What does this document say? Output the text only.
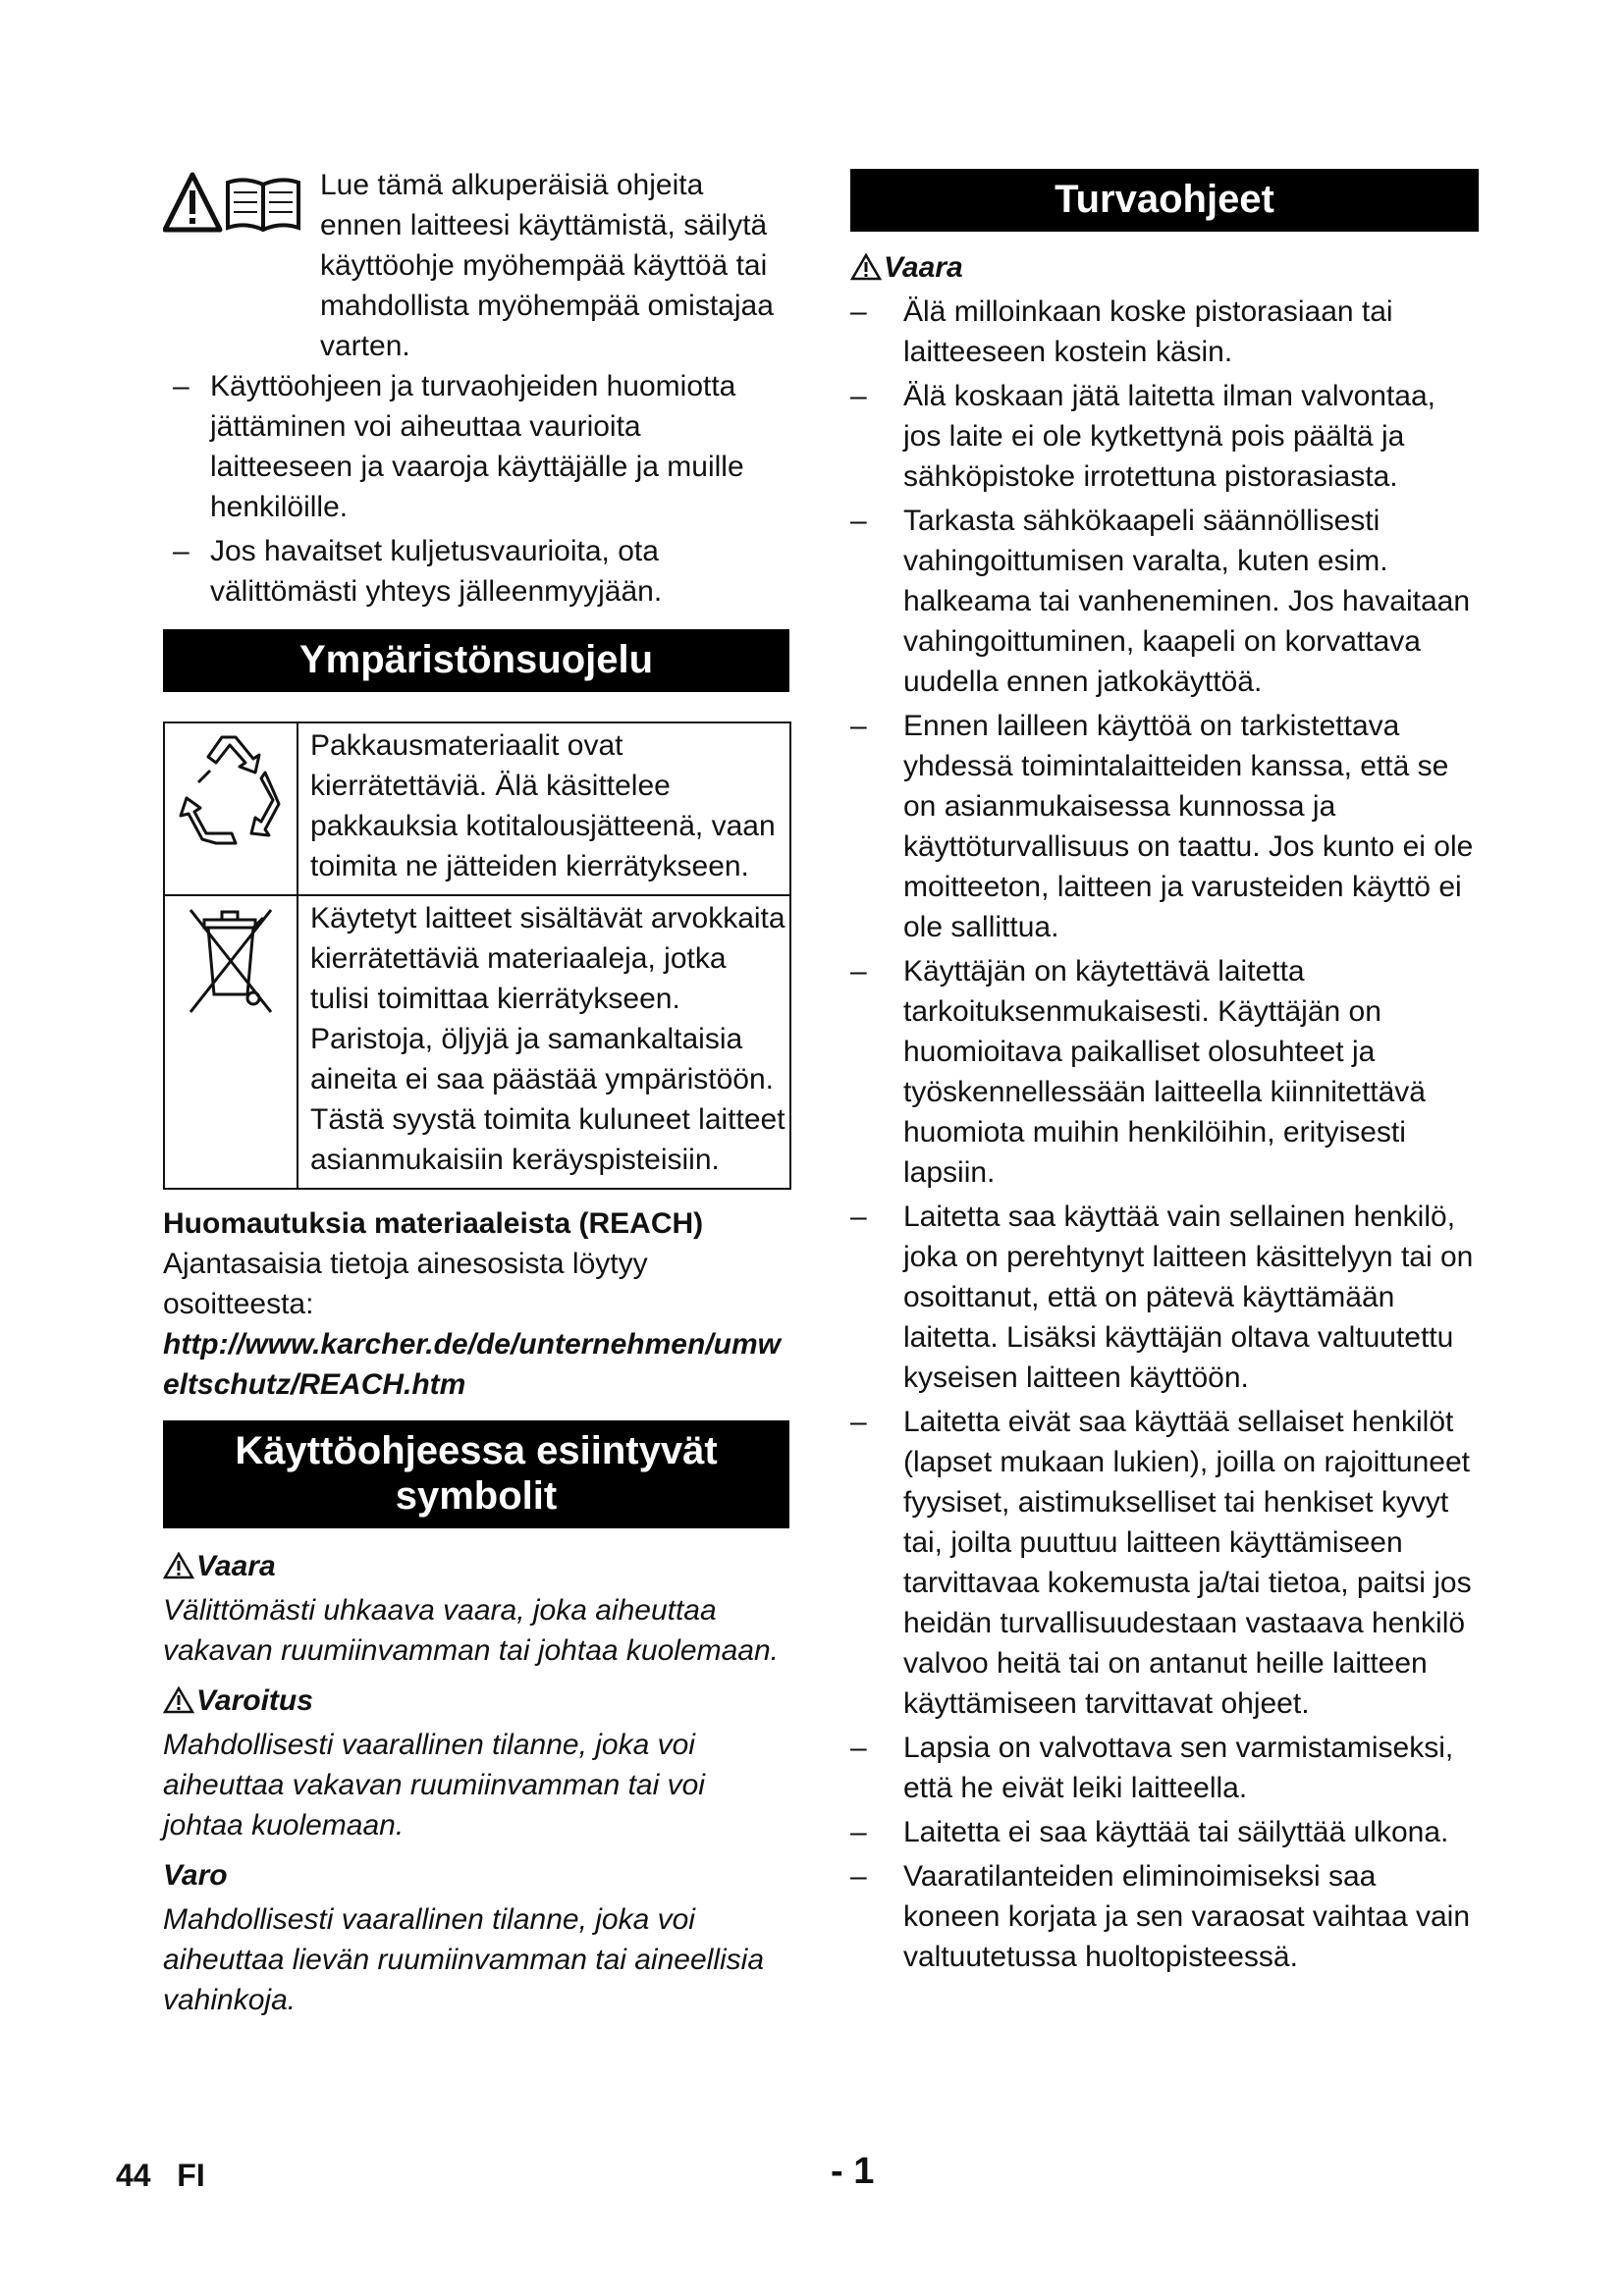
Lue tämä alkuperäisiä ohjeita ennen laitteesi käyttämistä, säilytä käyttöohje myöhempää käyttöä tai mahdollista myöhempää omistajaa varten.

– Käyttöohjeen ja turvaohjeiden huomiotta jättäminen voi aiheuttaa vaurioita laitteeseen ja vaaroja käyttäjälle ja muille henkilöille.
– Jos havaitset kuljetusvaurioita, ota välittömästi yhteys jälleenmyyjään.
Ympäristönsuojelu
	Pakkausmateriaalit ovat kierrätettäviä. Älä käsittelee pakkauksia kotitalousjätteenä, vaan toimita ne jätteiden kierrätykseen.
	Käytetyt laitteet sisältävät arvokkaita kierrätettäviä materiaaleja, jotka tulisi toimittaa kierrätykseen. Paristoja, öljyjä ja samankaltaisia aineita ei saa päästää ympäristöön. Tästä syystä toimita kuluneet laitteet asianmukaisiin keräyspisteisiin.

Huomautuksia materiaaleista (REACH)

Ajantasaisia tietoja ainesosista löytyy osoitteesta:

http://www.karcher.de/de/unternehmen/umweltschutz/REACH.htm

Käyttöohjeessa esiintyvät
symbolit

Vaara

Välittömästi uhkaava vaara, joka aiheuttaa vakavan ruumiinvamman tai johtaa kuolemaan.

Varoitus

Mahdollisesti vaarallinen tilanne, joka voi aiheuttaa vakavan ruumiinvamman tai voi johtaa kuolemaan.

Varo

Mahdollisesti vaarallinen tilanne, joka voi aiheuttaa lievän ruumiinvamman tai aineellisia vahinkoja.

Turvaohjeet

Vaara

– Älä milloinkaan koske pistorasiaan tai laitteeseen kostein käsin.
– Älä koskaan jätä laitetta ilman valvontaa, jos laite ei ole kytkettynä pois päältä ja sähköpistoke irrotettuna pistorasiasta.
– Tarkasta sähkökaapeli säännöllisesti vahingoittumisen varalta, kuten esim. halkeama tai vanheneminen. Jos havaitaan vahingoittuminen, kaapeli on korvattava uudella ennen jatkokäyttöä.
– Ennen lailleen käyttöä on tarkistettava yhdessä toimintalaitteiden kanssa, että se on asianmukaisessa kunnossa ja käyttöturvallisuus on taattu. Jos kunto ei ole moitteeton, laitteen ja varusteiden käyttö ei ole sallittua.
– Käyttäjän on käytettävä laitetta tarkoituksenmukaisesti. Käyttäjän on huomioitava paikalliset olosuhteet ja työskennellessään laitteella kiinnitettävä huomiota muihin henkilöihin, erityisesti lapsiin.
– Laitetta saa käyttää vain sellainen henkilö, joka on perehtynyt laitteen käsittelyyn tai on osoittanut, että on pätevä käyttämään laitetta. Lisäksi käyttäjän oltava valtuutettu kyseisen laitteen käyttöön.
– Laitetta eivät saa käyttää sellaiset henkilöt (lapset mukaan lukien), joilla on rajoittuneet fyysiset, aistimukselliset tai henkiset kyvyt tai, joilta puuttuu laitteen käyttämiseen tarvittavaa kokemusta ja/tai tietoa, paitsi jos heidän turvallisuudestaan vastaava henkilö valvoo heitä tai on antanut heille laitteen käyttämiseen tarvittavat ohjeet.
– Lapsia on valvottava sen varmistamiseksi, että he eivät leiki laitteella.
– Laitetta ei saa käyttää tai säilyttää ulkona.
– Vaaratilanteiden eliminoimiseksi saa koneen korjata ja sen varaosat vaihtaa vain valtuutetussa huoltopisteessä.
44 FI	- 1
